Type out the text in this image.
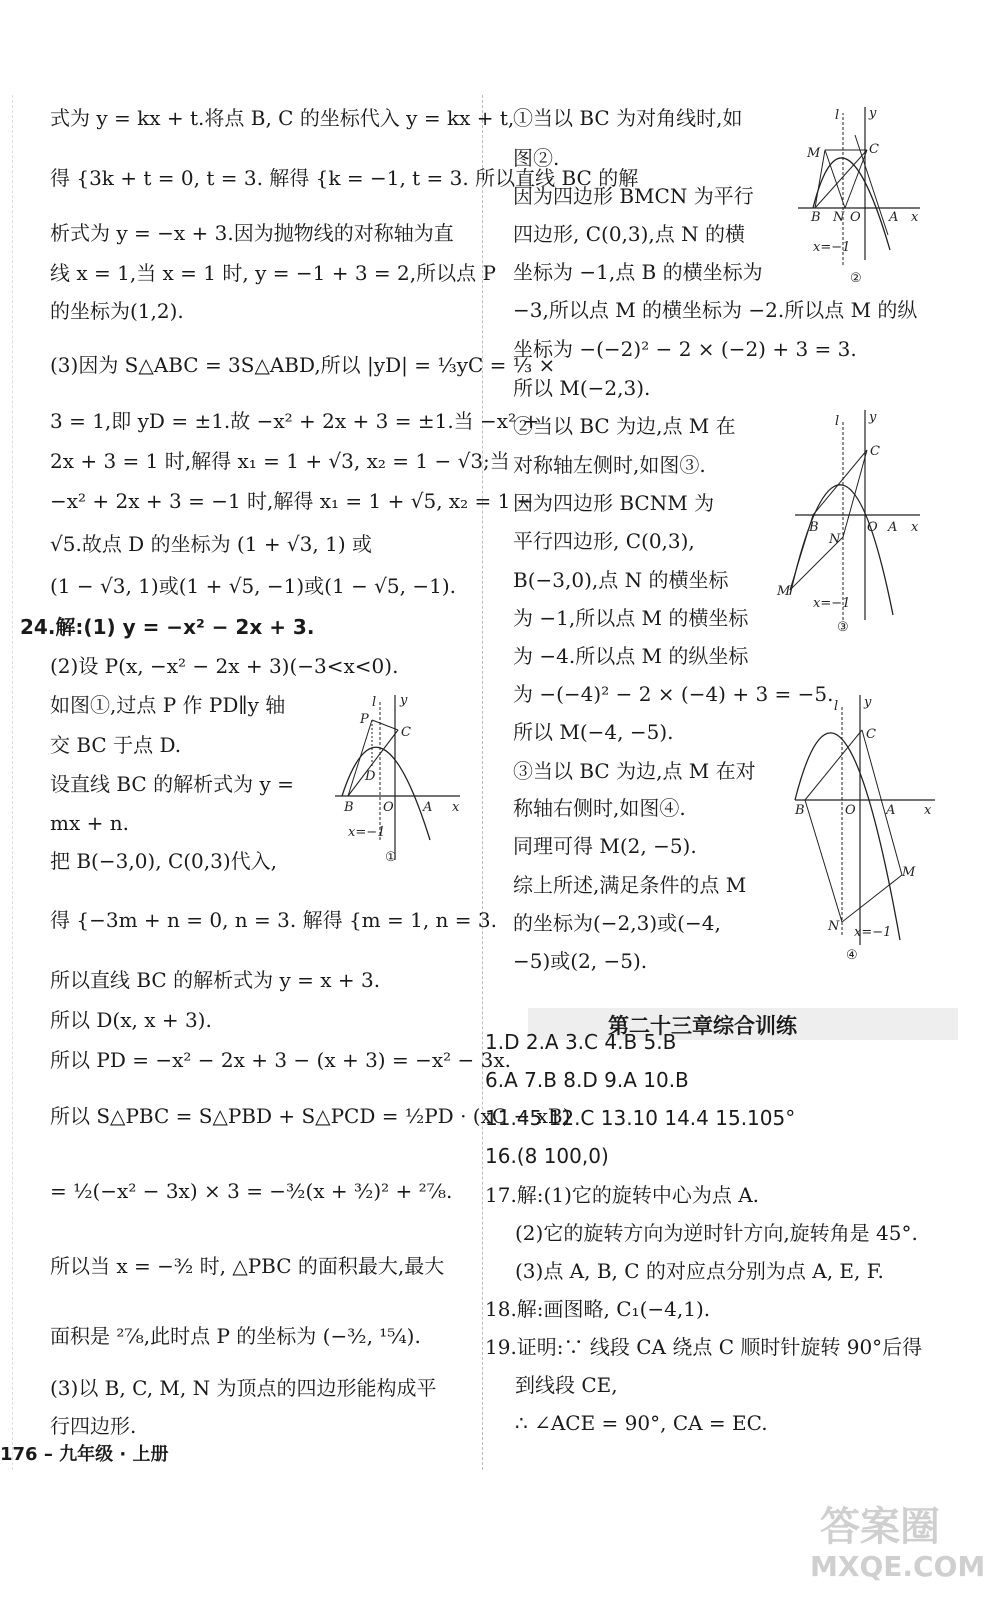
式为 y = kx + t.将点 B, C 的坐标代入 y = kx + t,
得 {3k + t = 0, t = 3. 解得 {k = −1, t = 3. 所以直线 BC 的解
析式为 y = −x + 3.因为抛物线的对称轴为直
线 x = 1,当 x = 1 时, y = −1 + 3 = 2,所以点 P
的坐标为(1,2).
(3)因为 S△ABC = 3S△ABD,所以 |yD| = ⅓yC = ⅓ ×
3 = 1,即 yD = ±1.故 −x² + 2x + 3 = ±1.当 −x² +
2x + 3 = 1 时,解得 x₁ = 1 + √3, x₂ = 1 − √3;当
−x² + 2x + 3 = −1 时,解得 x₁ = 1 + √5, x₂ = 1 −
√5.故点 D 的坐标为 (1 + √3, 1) 或
(1 − √3, 1)或(1 + √5, −1)或(1 − √5, −1).
24.解:(1) y = −x² − 2x + 3.
(2)设 P(x, −x² − 2x + 3)(−3<x<0).
如图①,过点 P 作 PD∥y 轴
交 BC 于点 D.
设直线 BC 的解析式为 y =
mx + n.
把 B(−3,0), C(0,3)代入,
得 {−3m + n = 0, n = 3. 解得 {m = 1, n = 3.
所以直线 BC 的解析式为 y = x + 3.
所以 D(x, x + 3).
所以 PD = −x² − 2x + 3 − (x + 3) = −x² − 3x.
所以 S△PBC = S△PBD + S△PCD = ½PD · (xC − xB)
= ½(−x² − 3x) × 3 = −³⁄₂(x + ³⁄₂)² + ²⁷⁄₈.
所以当 x = −³⁄₂ 时, △PBC 的面积最大,最大
面积是 ²⁷⁄₈,此时点 P 的坐标为 (−³⁄₂, ¹⁵⁄₄).
(3)以 B, C, M, N 为顶点的四边形能构成平
行四边形.
l y
P
C
D
B O A x
x=−1
①
①当以 BC 为对角线时,如
图②.
因为四边形 BMCN 为平行
四边形, C(0,3),点 N 的横
坐标为 −1,点 B 的横坐标为
−3,所以点 M 的横坐标为 −2.所以点 M 的纵
坐标为 −(−2)² − 2 × (−2) + 3 = 3.
所以 M(−2,3).
②当以 BC 为边,点 M 在
对称轴左侧时,如图③.
因为四边形 BCNM 为
平行四边形, C(0,3),
B(−3,0),点 N 的横坐标
为 −1,所以点 M 的横坐标
为 −4.所以点 M 的纵坐标
为 −(−4)² − 2 × (−4) + 3 = −5.
所以 M(−4, −5).
③当以 BC 为边,点 M 在对
称轴右侧时,如图④.
同理可得 M(2, −5).
综上所述,满足条件的点 M
的坐标为(−2,3)或(−4,
−5)或(2, −5).
l y
M	C
B N O A x
x=−1
②
l y
C
B	O A x
N
M
x=−1
③
l y
C
B	O A x
M
N x=−1
④
第二十三章综合训练
1.D 2.A 3.C 4.B 5.B
6.A 7.B 8.D 9.A 10.B
11.45 12.C 13.10 14.4 15.105°
16.(8 100,0)
17.解:(1)它的旋转中心为点 A.
(2)它的旋转方向为逆时针方向,旋转角是 45°.
(3)点 A, B, C 的对应点分别为点 A, E, F.
18.解:画图略, C₁(−4,1).
19.证明:∵ 线段 CA 绕点 C 顺时针旋转 90°后得
到线段 CE,
∴ ∠ACE = 90°, CA = EC.
176 – 九年级 · 上册
答案圈
MXQE.COM
